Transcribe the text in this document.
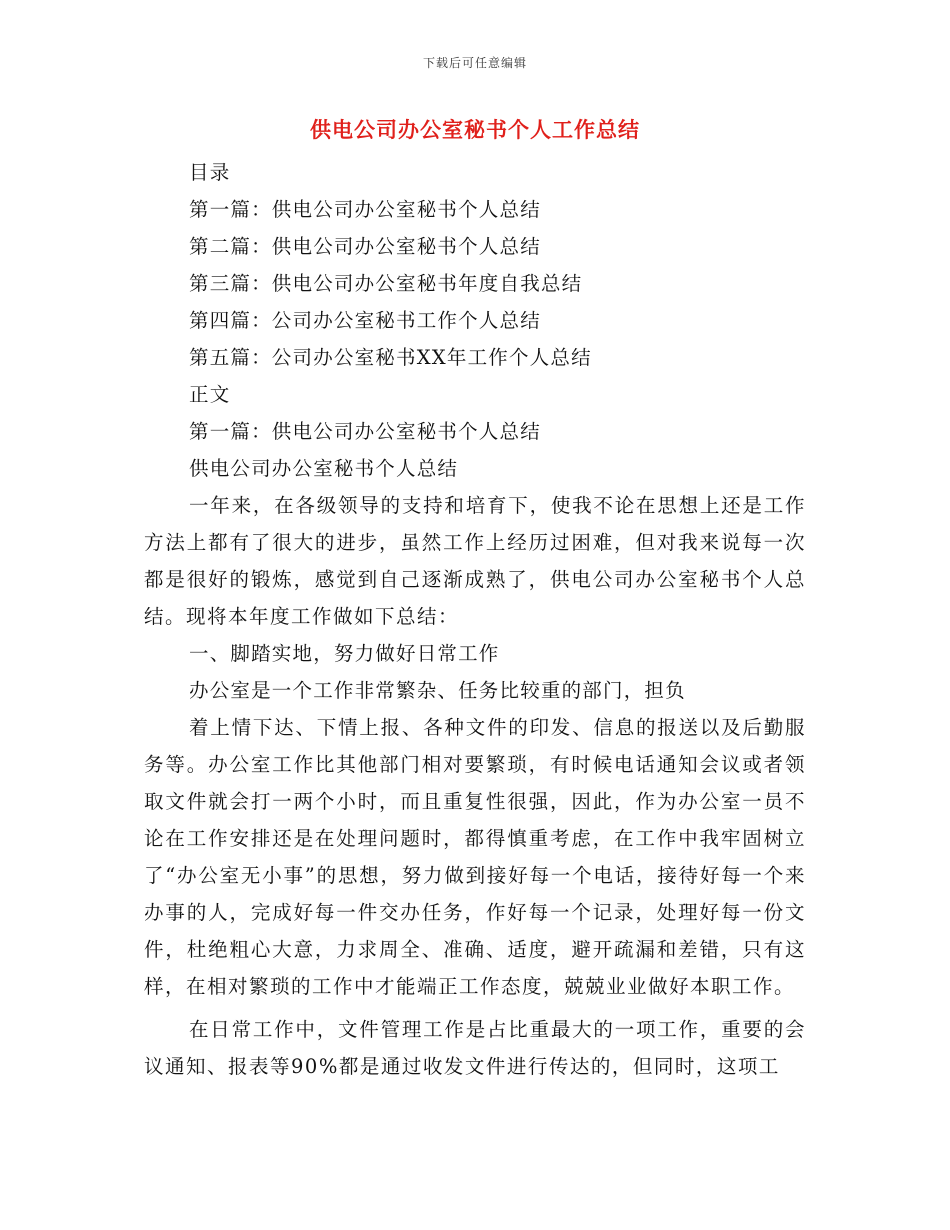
下载后可任意编辑
供电公司办公室秘书个人工作总结

目录

第一篇：供电公司办公室秘书个人总结

第二篇：供电公司办公室秘书个人总结

第三篇：供电公司办公室秘书年度自我总结

第四篇：公司办公室秘书工作个人总结

第五篇：公司办公室秘书XX年工作个人总结

正文

第一篇：供电公司办公室秘书个人总结

供电公司办公室秘书个人总结

一年来，在各级领导的支持和培育下，使我不论在思想上还是工作方法上都有了很大的进步，虽然工作上经历过困难，但对我来说每一次都是很好的锻炼，感觉到自己逐渐成熟了，供电公司办公室秘书个人总结。现将本年度工作做如下总结：

一、脚踏实地，努力做好日常工作

办公室是一个工作非常繁杂、任务比较重的部门，担负

着上情下达、下情上报、各种文件的印发、信息的报送以及后勤服务等。办公室工作比其他部门相对要繁琐，有时候电话通知会议或者领取文件就会打一两个小时，而且重复性很强，因此，作为办公室一员不论在工作安排还是在处理问题时，都得慎重考虑，在工作中我牢固树立了“办公室无小事”的思想，努力做到接好每一个电话，接待好每一个来办事的人，完成好每一件交办任务，作好每一个记录，处理好每一份文件，杜绝粗心大意，力求周全、准确、适度，避开疏漏和差错，只有这样，在相对繁琐的工作中才能端正工作态度，兢兢业业做好本职工作。

在日常工作中，文件管理工作是占比重最大的一项工作，重要的会议通知、报表等90%都是通过收发文件进行传达的，但同时，这项工
